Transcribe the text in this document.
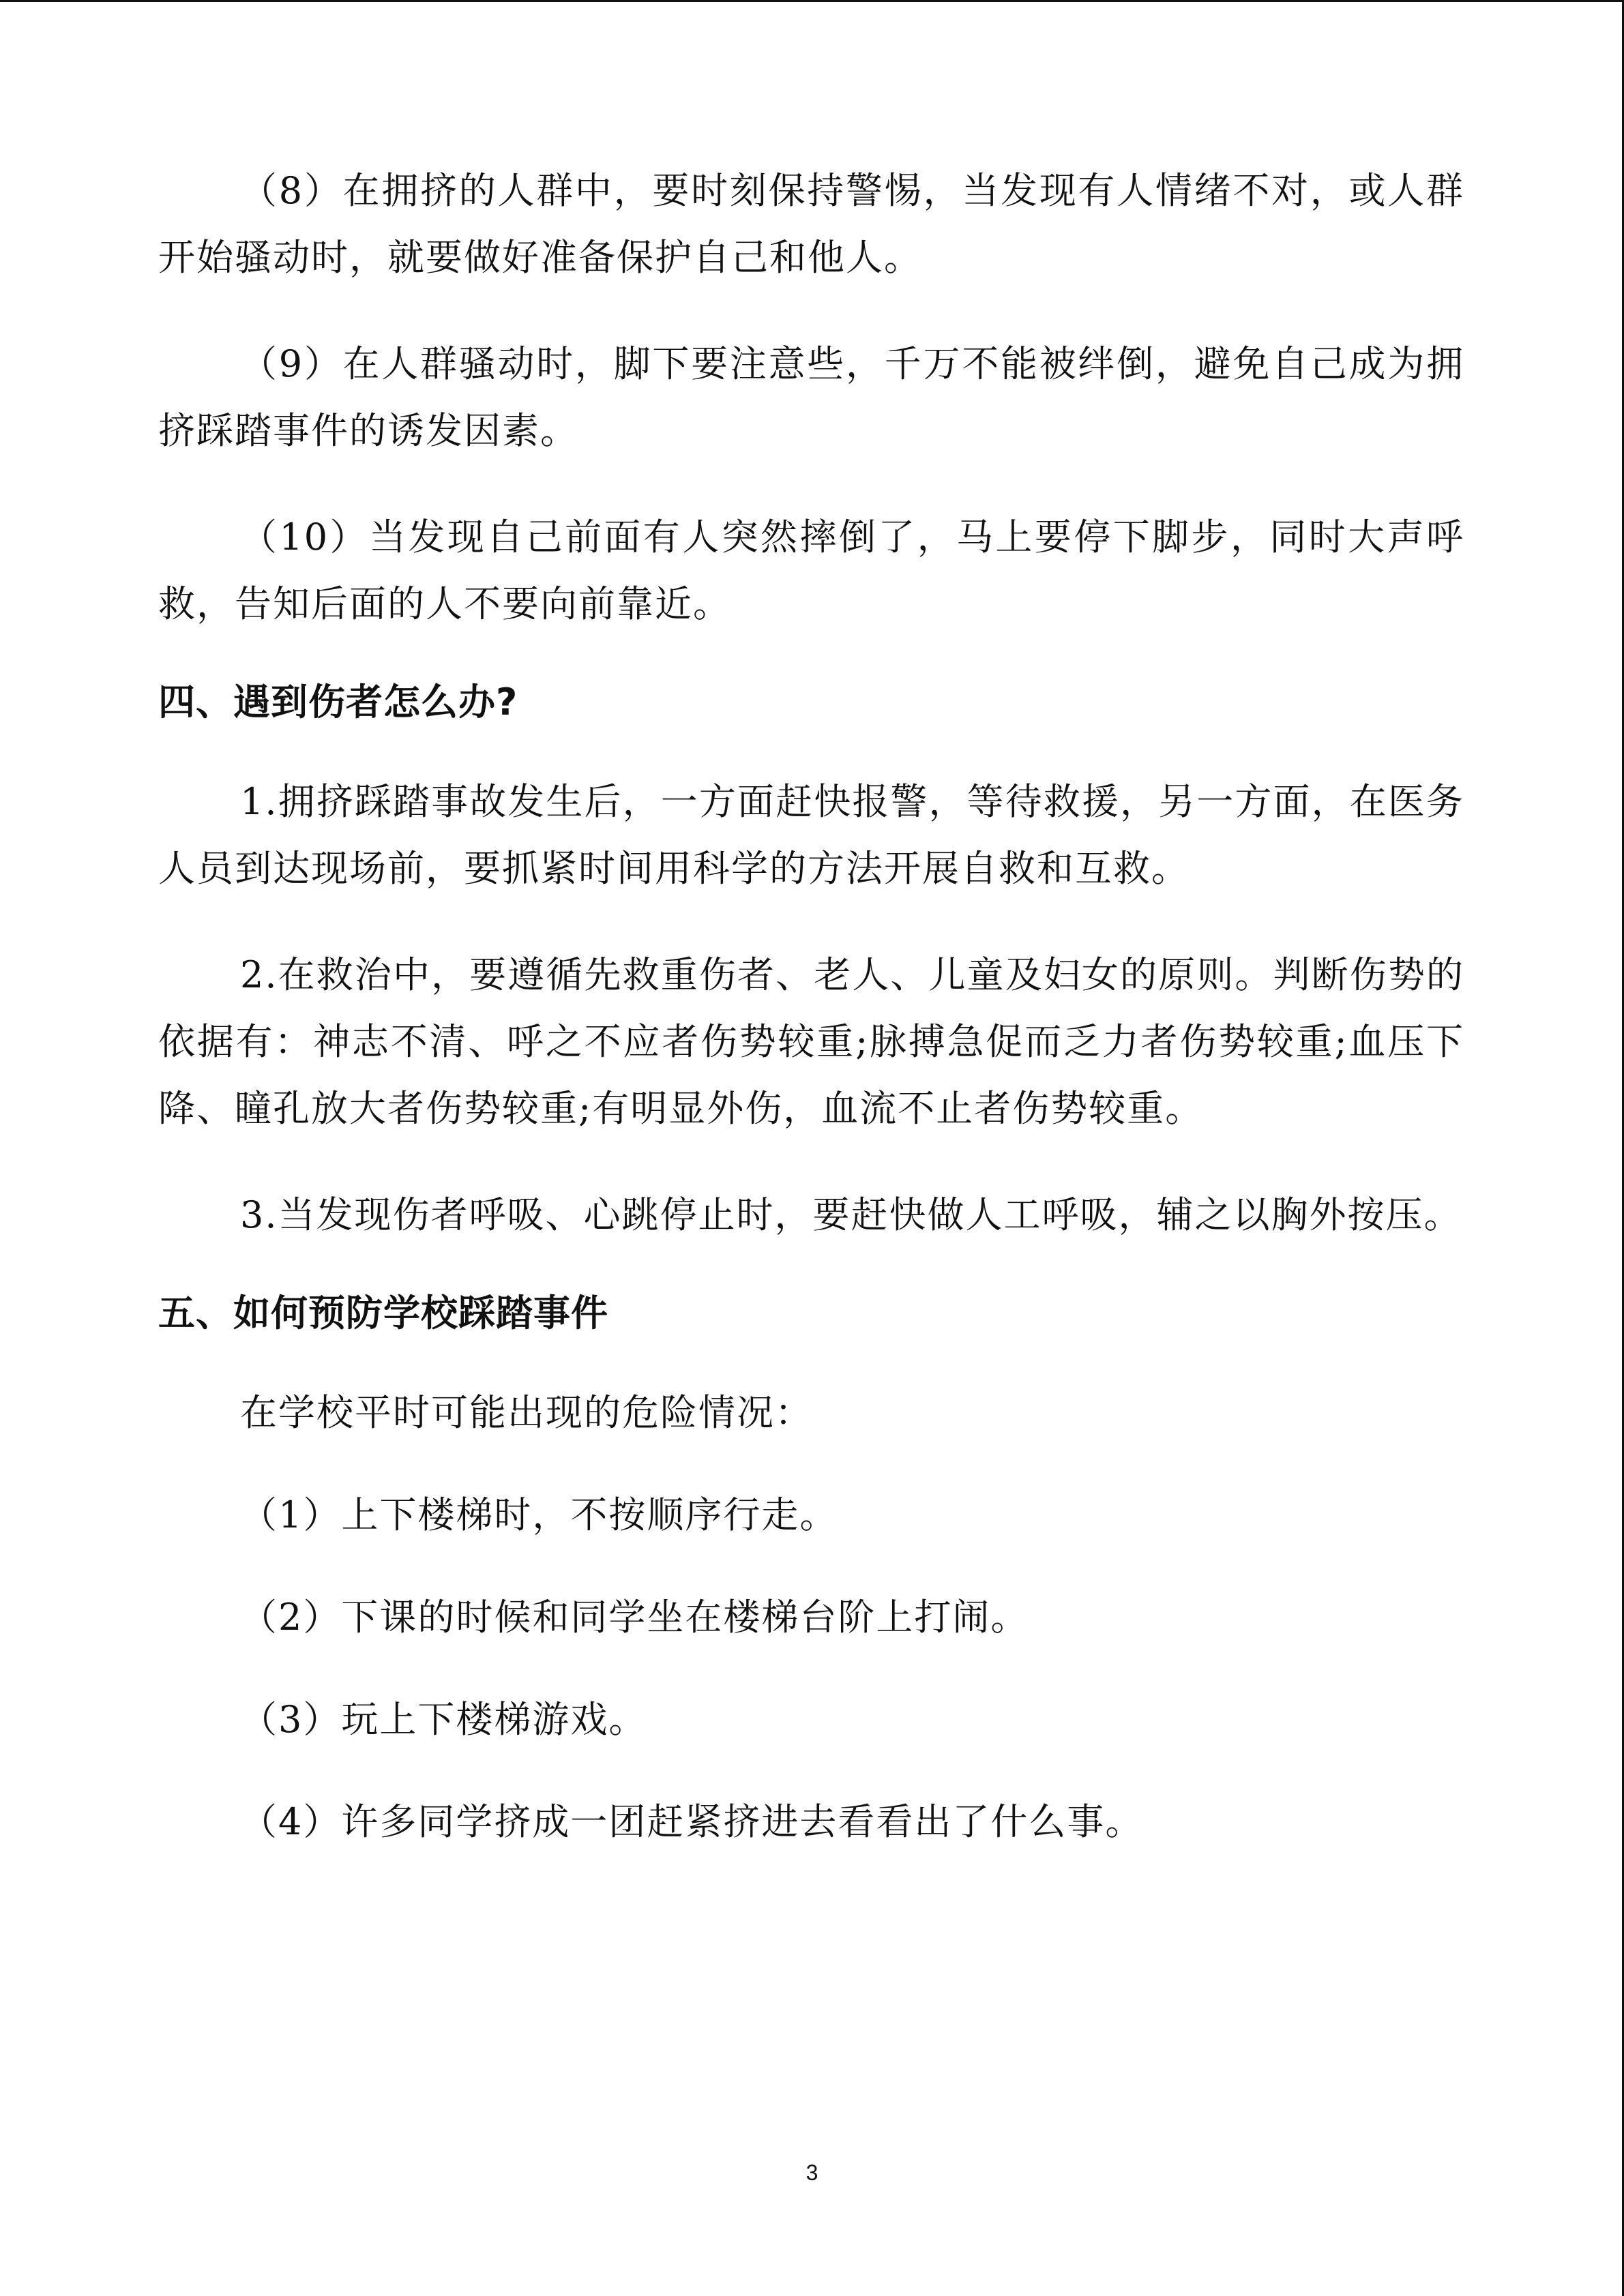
（8）在拥挤的人群中，要时刻保持警惕，当发现有人情绪不对，或人群开始骚动时，就要做好准备保护自己和他人。

（9）在人群骚动时，脚下要注意些，千万不能被绊倒，避免自己成为拥挤踩踏事件的诱发因素。

（10）当发现自己前面有人突然摔倒了，马上要停下脚步，同时大声呼救，告知后面的人不要向前靠近。

四、遇到伤者怎么办?

1.拥挤踩踏事故发生后，一方面赶快报警，等待救援，另一方面，在医务人员到达现场前，要抓紧时间用科学的方法开展自救和互救。

2.在救治中，要遵循先救重伤者、老人、儿童及妇女的原则。判断伤势的依据有：神志不清、呼之不应者伤势较重;脉搏急促而乏力者伤势较重;血压下降、瞳孔放大者伤势较重;有明显外伤，血流不止者伤势较重。

3.当发现伤者呼吸、心跳停止时，要赶快做人工呼吸，辅之以胸外按压。

五、如何预防学校踩踏事件

在学校平时可能出现的危险情况：

（1）上下楼梯时，不按顺序行走。

（2）下课的时候和同学坐在楼梯台阶上打闹。

（3）玩上下楼梯游戏。

（4）许多同学挤成一团赶紧挤进去看看出了什么事。

3
